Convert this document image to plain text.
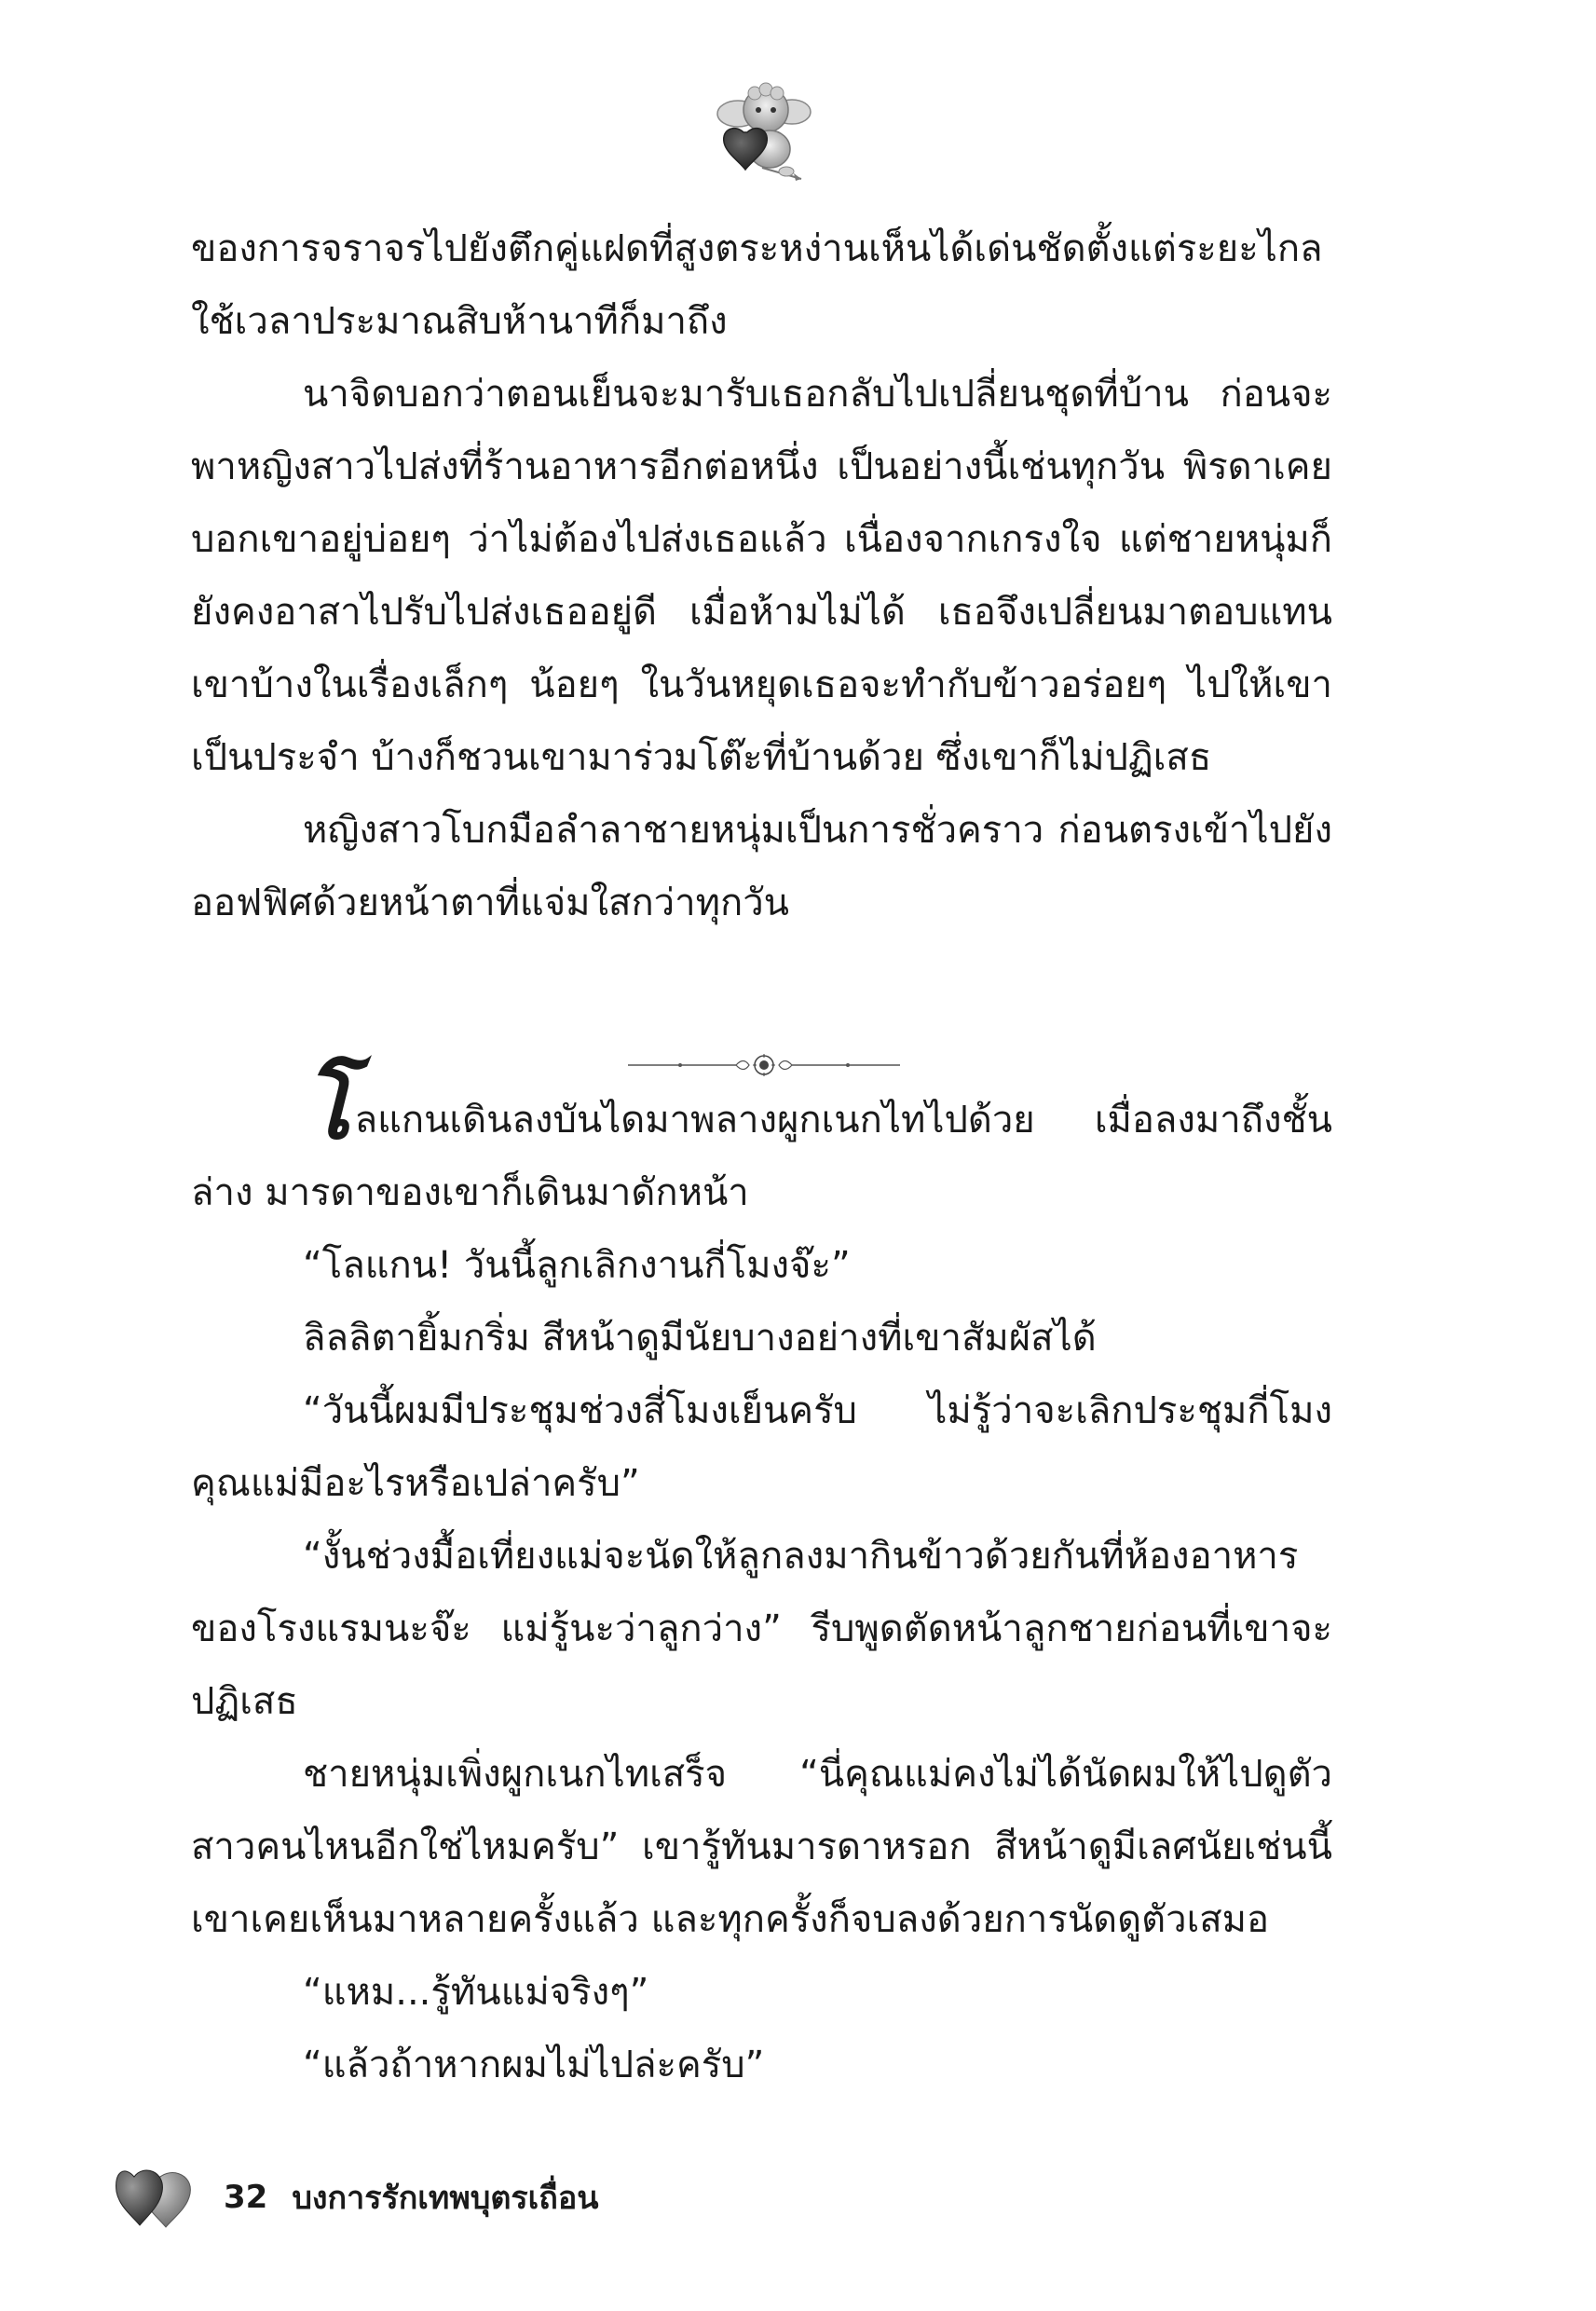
ของการจราจรไปยังตึกคู่แฝดที่สูงตระหง่านเห็นได้เด่นชัดตั้งแต่ระยะไกล ใช้เวลาประมาณสิบห้านาทีก็มาถึง

นาจิดบอกว่าตอนเย็นจะมารับเธอกลับไปเปลี่ยนชุดที่บ้าน ก่อนจะพาหญิงสาวไปส่งที่ร้านอาหารอีกต่อหนึ่ง เป็นอย่างนี้เช่นทุกวัน พิรดาเคยบอกเขาอยู่บ่อยๆ ว่าไม่ต้องไปส่งเธอแล้ว เนื่องจากเกรงใจ แต่ชายหนุ่มก็ยังคงอาสาไปรับไปส่งเธออยู่ดี เมื่อห้ามไม่ได้ เธอจึงเปลี่ยนมาตอบแทนเขาบ้างในเรื่องเล็กๆ น้อยๆ ในวันหยุดเธอจะทำกับข้าวอร่อยๆ ไปให้เขาเป็นประจำ บ้างก็ชวนเขามาร่วมโต๊ะที่บ้านด้วย ซึ่งเขาก็ไม่ปฏิเสธ

หญิงสาวโบกมือลำลาชายหนุ่มเป็นการชั่วคราว ก่อนตรงเข้าไปยังออฟฟิศด้วยหน้าตาที่แจ่มใสกว่าทุกวัน

โลแกนเดินลงบันไดมาพลางผูกเนกไทไปด้วย เมื่อลงมาถึงชั้นล่าง มารดาของเขาก็เดินมาดักหน้า

“โลแกน! วันนี้ลูกเลิกงานกี่โมงจ๊ะ”

ลิลลิตายิ้มกริ่ม สีหน้าดูมีนัยบางอย่างที่เขาสัมผัสได้

“วันนี้ผมมีประชุมช่วงสี่โมงเย็นครับ ไม่รู้ว่าจะเลิกประชุมกี่โมงคุณแม่มีอะไรหรือเปล่าครับ”

“งั้นช่วงมื้อเที่ยงแม่จะนัดให้ลูกลงมากินข้าวด้วยกันที่ห้องอาหารของโรงแรมนะจ๊ะ แม่รู้นะว่าลูกว่าง” รีบพูดตัดหน้าลูกชายก่อนที่เขาจะปฏิเสธ

ชายหนุ่มเพิ่งผูกเนกไทเสร็จ “นี่คุณแม่คงไม่ได้นัดผมให้ไปดูตัวสาวคนไหนอีกใช่ไหมครับ” เขารู้ทันมารดาหรอก สีหน้าดูมีเลศนัยเช่นนี้เขาเคยเห็นมาหลายครั้งแล้ว และทุกครั้งก็จบลงด้วยการนัดดูตัวเสมอ

“แหม...รู้ทันแม่จริงๆ”

“แล้วถ้าหากผมไม่ไปล่ะครับ”

32 บงการรักเทพบุตรเถื่อน
